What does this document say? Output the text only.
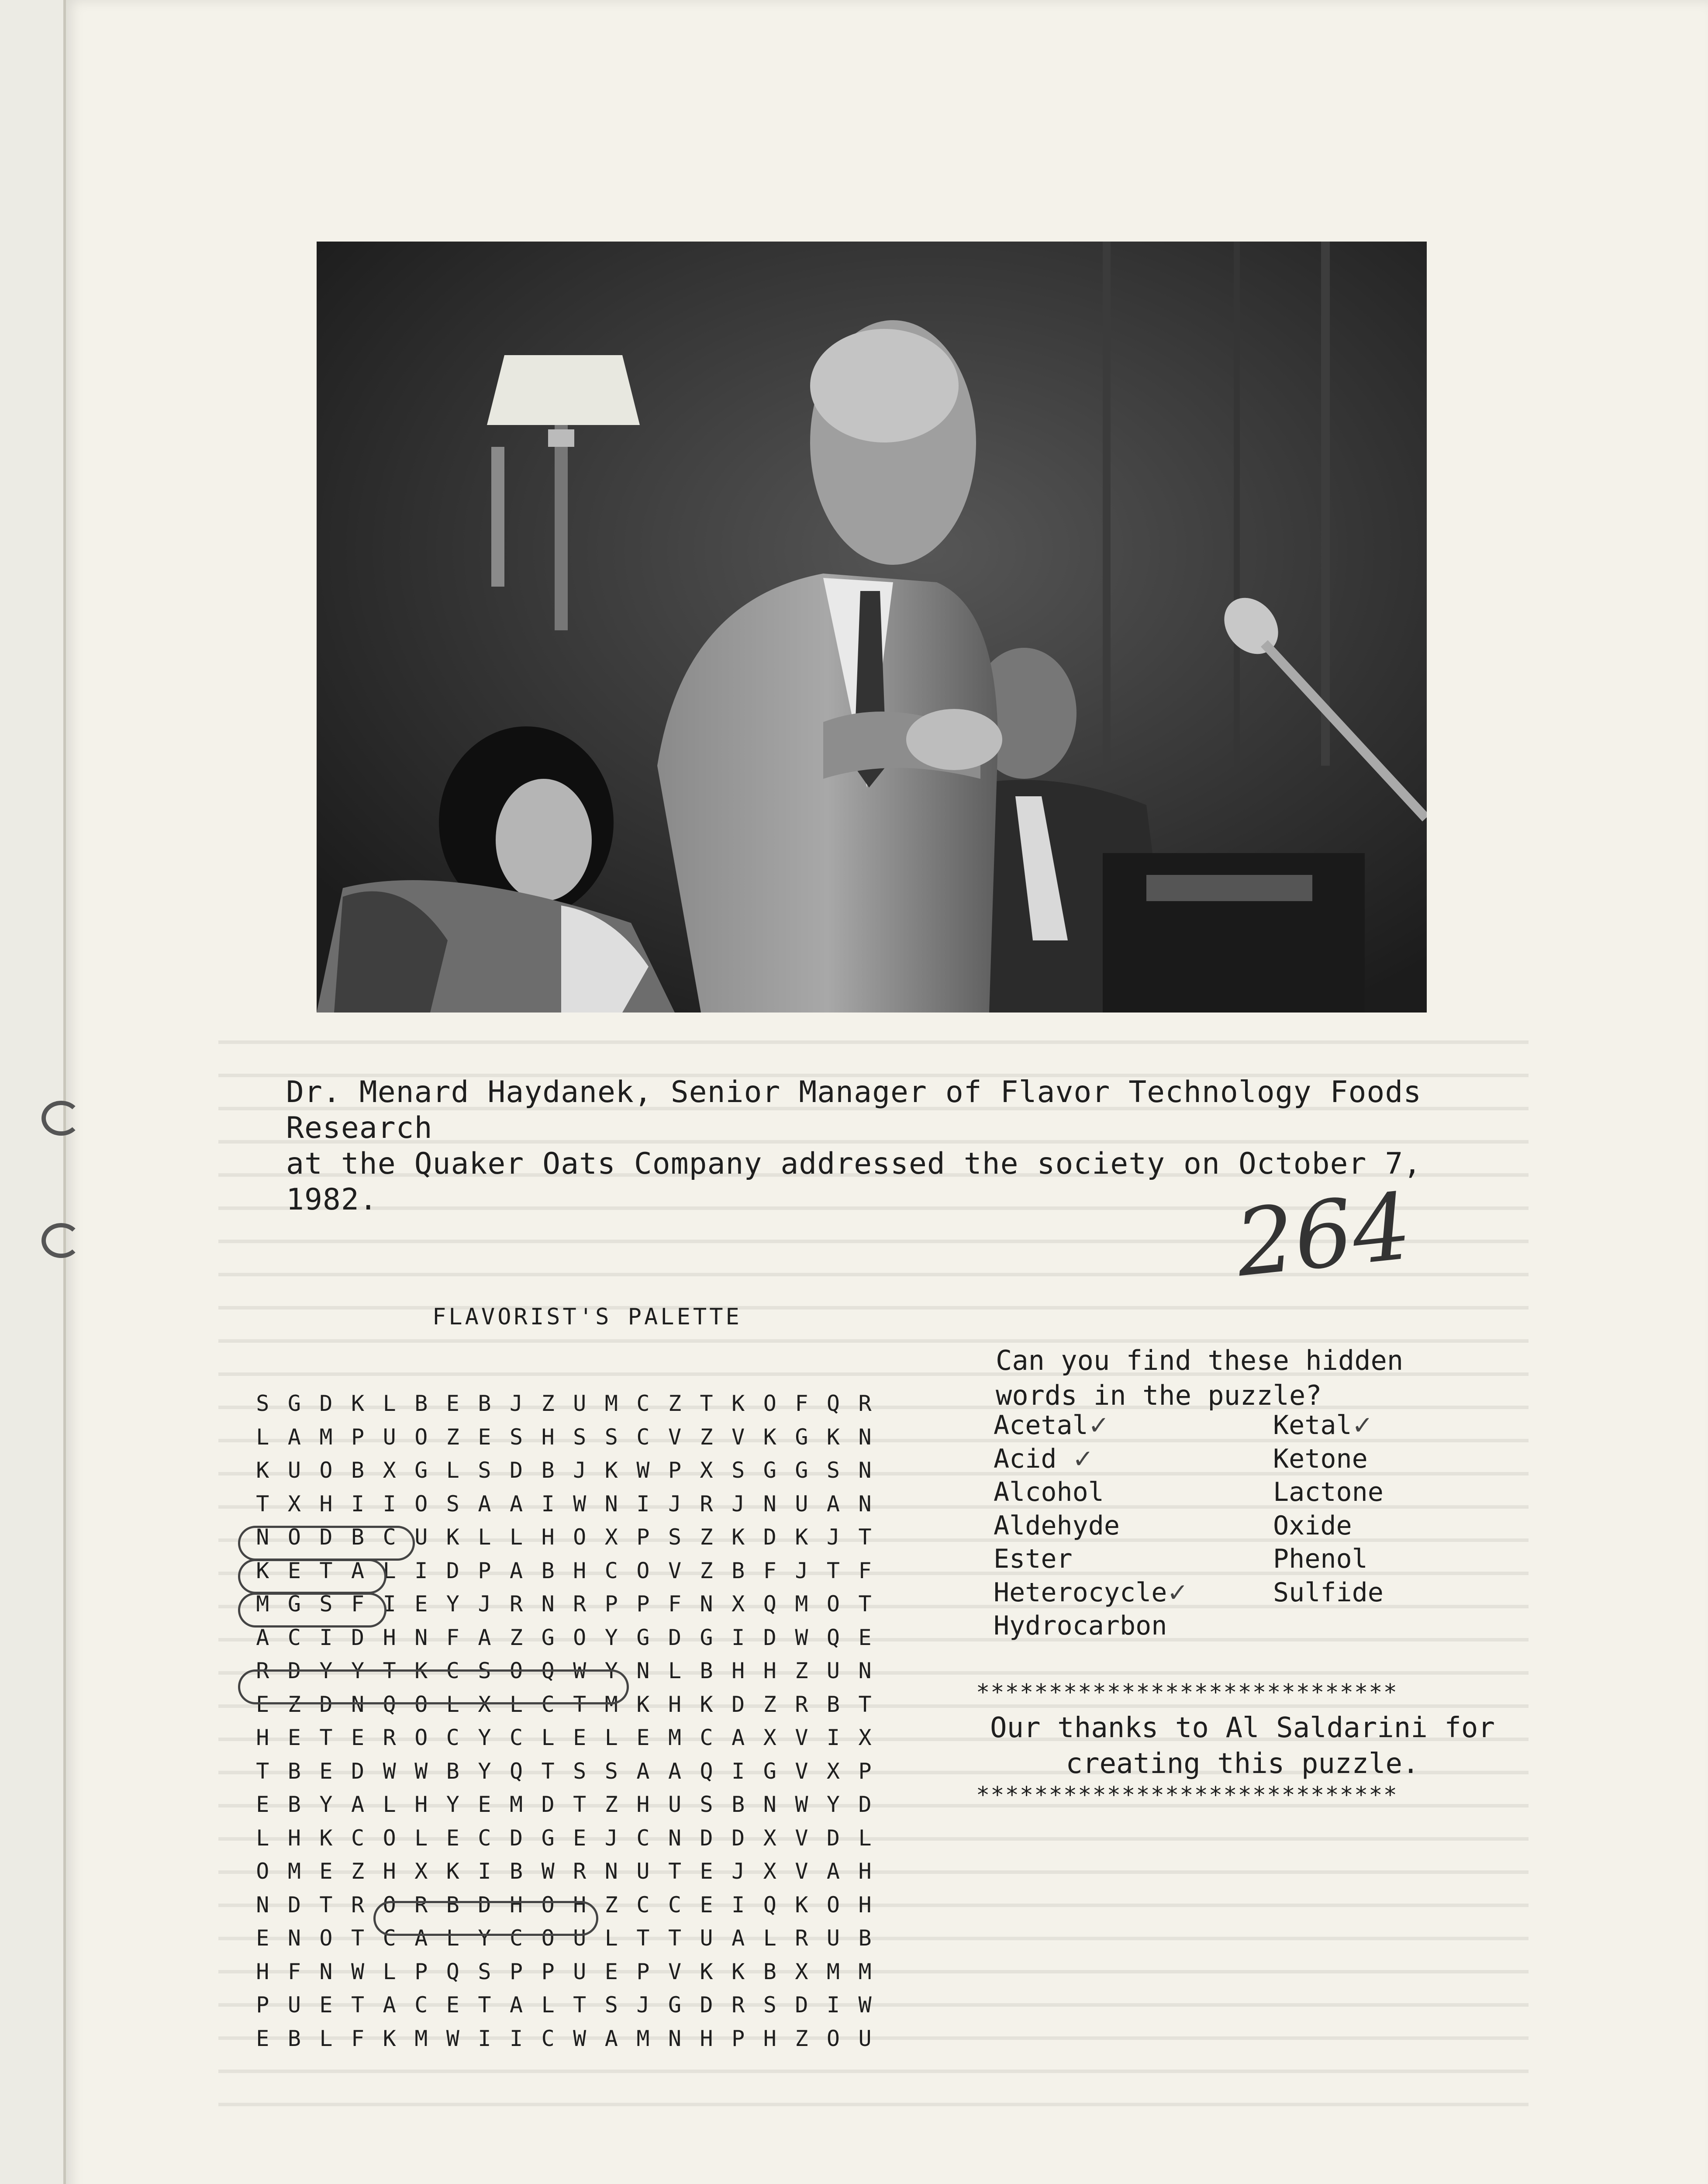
Dr. Menard Haydanek, Senior Manager of Flavor Technology Foods Research
at the Quaker Oats Company addressed the society on October 7, 1982.	264
FLAVORIST'S PALETTE
S G D K L B E B J Z U M C Z T K O F Q R
L A M P U O Z E S H S S C V Z V K G K N
K U O B X G L S D B J K W P X S G G S N
T X H I I O S A A I W N I J R J N U A N
N O D B C U K L L H O X P S Z K D K J T
K E T A L I D P A B H C O V Z B F J T F
M G S F I E Y J R N R P P F N X Q M O T
A C I D H N F A Z G O Y G D G I D W Q E
R D Y Y T K C S O Q W Y N L B H H Z U N
E Z D N Q O L X L C T M K H K D Z R B T
H E T E R O C Y C L E L E M C A X V I X
T B E D W W B Y Q T S S A A Q I G V X P
E B Y A L H Y E M D T Z H U S B N W Y D
L H K C O L E C D G E J C N D D X V D L
O M E Z H X K I B W R N U T E J X V A H
N D T R O R B D H O H Z C C E I Q K O H
E N O T C A L Y C O U L T T U A L R U B
H F N W L P Q S P P U E P V K K B X M M
P U E T A C E T A L T S J G D R S D I W
E B L F K M W I I C W A M N H P H Z O U
Can you find these hidden
words in the puzzle?
Acetal✓
Acid ✓
Alcohol
Aldehyde
Ester
Heterocycle✓
Hydrocarbon
Ketal✓
Ketone
Lactone
Oxide
Phenol
Sulfide
*****************************
Our thanks to Al Saldarini for
creating this puzzle.
*****************************
